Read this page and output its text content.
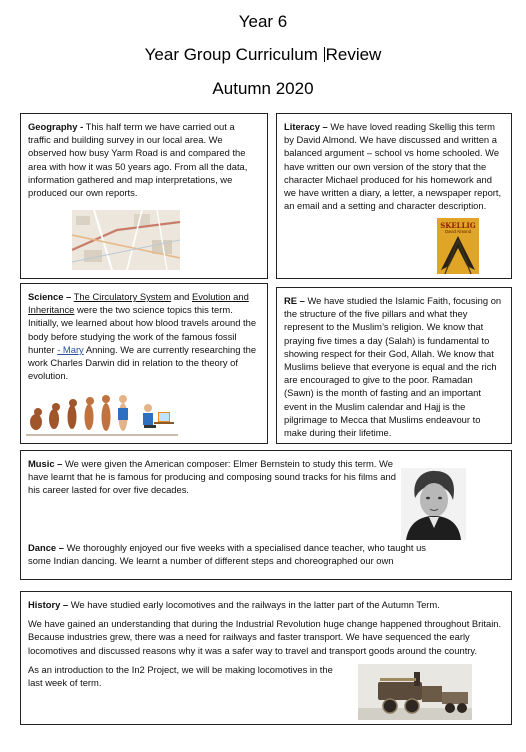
Year 6
Year Group Curriculum Review
Autumn 2020

Geography - This half term we have carried out a traffic and building survey in our local area. We observed how busy Yarm Road is and compared the area with how it was 50 years ago. From all the data, information gathered and map interpretations, we produced our own reports.

Literacy – We have loved reading Skellig this term by David Almond. We have discussed and written a balanced argument – school vs home schooled. We have written our own version of the story that the character Michael produced for his homework and we have written a diary, a letter, a newspaper report, an email and a setting and character description.

SKELLIG
David Almond

Science – The Circulatory System and Evolution and Inheritance were the two science topics this term. Initially, we learned about how blood travels around the body before studying the work of the famous fossil hunter - Mary Anning. We are currently researching the work Charles Darwin did in relation to the theory of evolution.

RE – We have studied the Islamic Faith, focusing on the structure of the five pillars and what they represent to the Muslim’s religion. We know that praying five times a day (Salah) is fundamental to showing respect for their God, Allah. We know that Muslims believe that everyone is equal and the rich are encouraged to give to the poor. Ramadan (Sawn) is the month of fasting and an important event in the Muslim calendar and Hajj is the pilgrimage to Mecca that Muslims endeavour to make during their lifetime.

Music – We were given the American composer: Elmer Bernstein to study this term. We have learnt that he is famous for producing and composing sound tracks for his films and his career lasted for over five decades.

Dance – We thoroughly enjoyed our five weeks with a specialised dance teacher, who taught us some Indian dancing. We learnt a number of different steps and choreographed our own

History – We have studied early locomotives and the railways in the latter part of the Autumn Term.

We have gained an understanding that during the Industrial Revolution huge change happened throughout Britain. Because industries grew, there was a need for railways and faster transport. We have sequenced the early locomotives and discussed reasons why it was a safer way to travel and transport goods around the country.

As an introduction to the In2 Project, we will be making locomotives in the last week of term.
